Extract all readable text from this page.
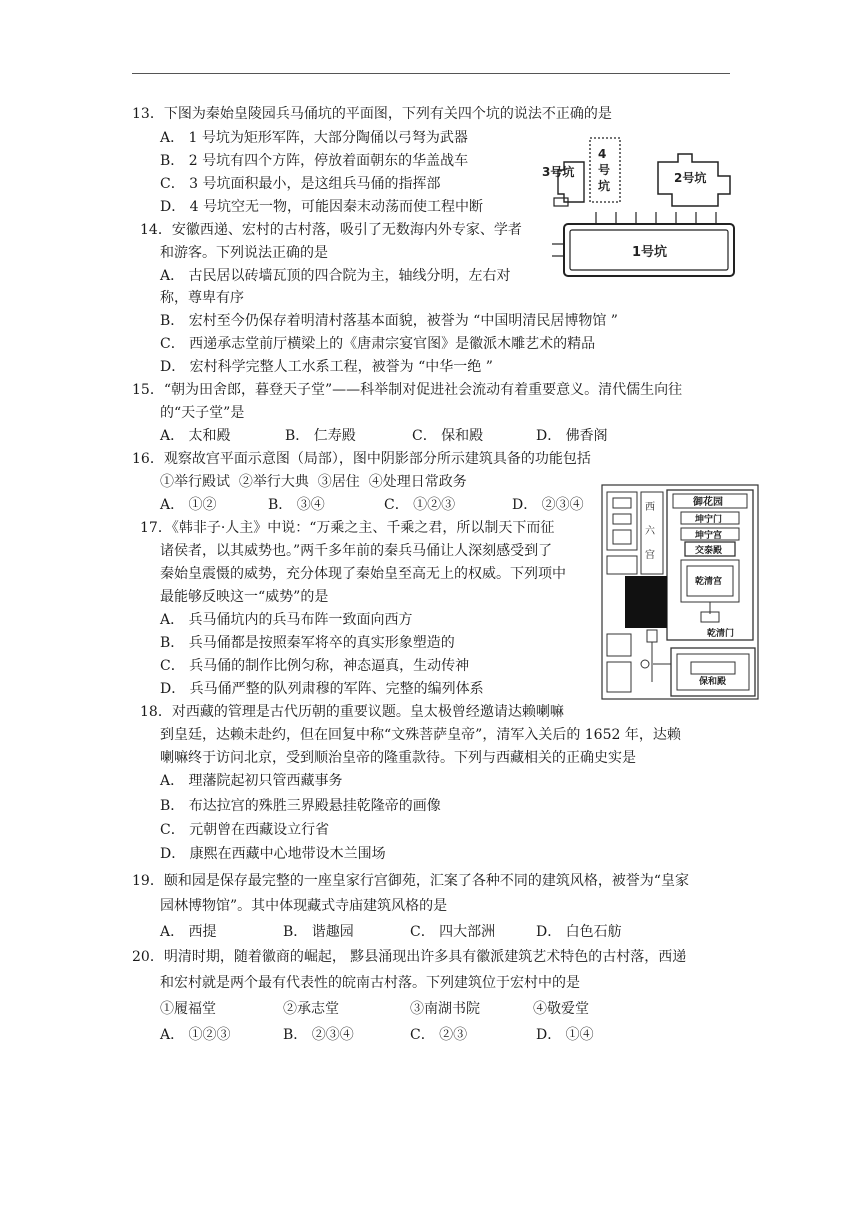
13．下图为秦始皇陵园兵马俑坑的平面图，下列有关四个坑的说法不正确的是
A． 1 号坑为矩形军阵，大部分陶俑以弓弩为武器
B． 2 号坑有四个方阵，停放着面朝东的华盖战车
C． 3 号坑面积最小，是这组兵马俑的指挥部
D． 4 号坑空无一物，可能因秦末动荡而使工程中断
3号坑
4
号
坑
2号坑
1号坑
14．安徽西递、宏村的古村落，吸引了无数海内外专家、学者
和游客。下列说法正确的是
A． 古民居以砖墙瓦顶的四合院为主，轴线分明，左右对
称，尊卑有序
B． 宏村至今仍保存着明清村落基本面貌，被誉为 “中国明清民居博物馆 ”
C． 西递承志堂前厅横梁上的《唐肃宗宴官图》是徽派木雕艺术的精品
D． 宏村科学完整人工水系工程，被誉为 “中华一绝 ”
15．“朝为田舍郎，暮登天子堂”——科举制对促进社会流动有着重要意义。清代儒生向往
的“天子堂”是
A． 太和殿	B． 仁寿殿	C． 保和殿	D． 佛香阁
16．观察故宫平面示意图（局部），图中阴影部分所示建筑具备的功能包括
①举行殿试  ②举行大典  ③居住  ④处理日常政务
A． ①②	B． ③④	C． ①②③	D． ②③④	西
六
宫
御花园
坤宁门
坤宁宫
交泰殿
乾清宫
乾清门
保和殿
17．《韩非子·人主》中说：“万乘之主、千乘之君，所以制天下而征
诸侯者，以其威势也。”两千多年前的秦兵马俑让人深刻感受到了
秦始皇震慑的威势，充分体现了秦始皇至高无上的权威。下列项中
最能够反映这一“威势”的是
A． 兵马俑坑内的兵马布阵一致面向西方
B． 兵马俑都是按照秦军将卒的真实形象塑造的
C． 兵马俑的制作比例匀称，神态逼真，生动传神
D． 兵马俑严整的队列肃穆的军阵、完整的编列体系
18．对西藏的管理是古代历朝的重要议题。皇太极曾经邀请达赖喇嘛
到皇廷，达赖未赴约，但在回复中称“文殊菩萨皇帝”，清军入关后的 1652 年，达赖
喇嘛终于访问北京，受到顺治皇帝的隆重款待。下列与西藏相关的正确史实是
A． 理藩院起初只管西藏事务
B． 布达拉宫的殊胜三界殿悬挂乾隆帝的画像
C． 元朝曾在西藏设立行省
D． 康熙在西藏中心地带设木兰围场
19．颐和园是保存最完整的一座皇家行宫御苑，汇案了各种不同的建筑风格，被誉为“皇家
园林博物馆”。其中体现藏式寺庙建筑风格的是
A． 西提	B． 谐趣园	C． 四大部洲	D． 白色石舫
20．明清时期，随着徽商的崛起， 黟县涌现出许多具有徽派建筑艺术特色的古村落，西递
和宏村就是两个最有代表性的皖南古村落。下列建筑位于宏村中的是
①履福堂	②承志堂	③南湖书院	④敬爱堂
A． ①②③	B． ②③④	C． ②③	D． ①④
